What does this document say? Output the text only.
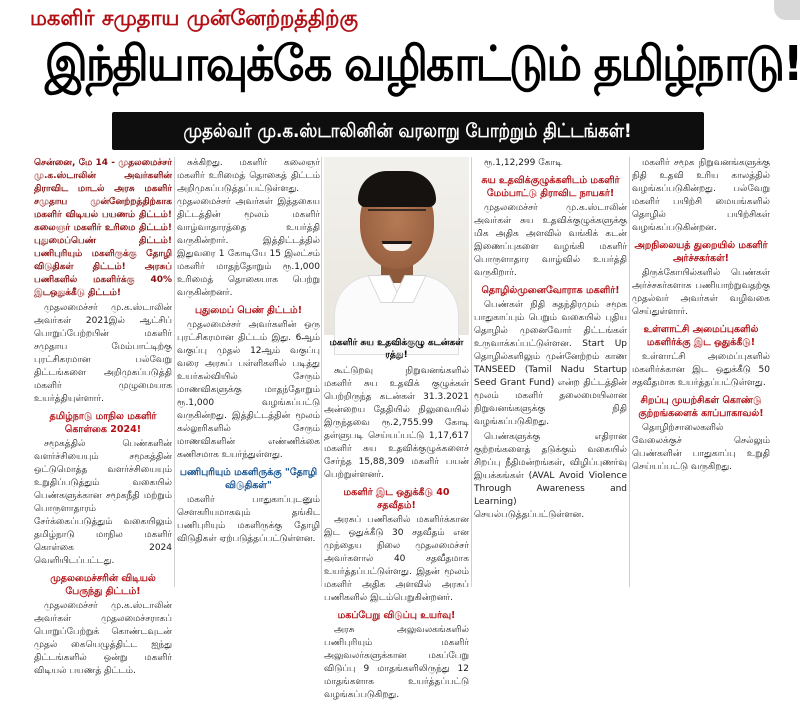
மகளிர் சமுதாய முன்னேற்றத்திற்கு
இந்தியாவுக்கே வழிகாட்டும் தமிழ்நாடு!
முதல்வர் மு.க.ஸ்டாலினின் வரலாறு போற்றும் திட்டங்கள்!

சென்னை, மே 14 - முதலமைச்சர் மு.க.ஸ்டாலின் அவர்களின் திராவிட மாடல் அரசு மகளிர் சமுதாய முன்னேற்றத்திற்காக மகளிர் விடியல் பயணம் திட்டம்! கலைஞர் மகளிர் உரிமை திட்டம்! புதுமைப்பெண் திட்டம்! பணிபுரியும் மகளிருக்கு தோழி விடுதிகள் திட்டம்! அரசுப் பணிகளில் மகளிர்க்கு 40% இடஒதுக்கீடு திட்டம்!

முதலமைச்சர் மு.க.ஸ்டாலின் அவர்கள் 2021இல் ஆட்சிப் பொறுப்பேற்றபின் மகளிர் சமுதாய மேம்பாட்டிற்கு புரட்சிகரமான பல்வேறு திட்டங்களை அறிமுகப்படுத்தி மகளிர் முழுமையாக உயர்த்தியுள்ளார்.

தமிழ்நாடு மாநில மகளிர் கொள்கை 2024!

சமூகத்தில் பெண்களின் வளர்ச்சியையும் சமூகத்தின் ஒட்டுமொத்த வளர்ச்சியையும் உறுதிப்படுத்தும் வகையில் பெண்களுக்கான சமூகநீதி மற்றும் பொருளாதாரம் சேர்க்கைப்படுத்தும் வகையிலும் தமிழ்நாடு மாநில மகளிர் கொள்கை 2024 வெளியிடப்பட்டது.

முதலமைச்சரின் விடியல் பேருந்து திட்டம்!

முதலமைச்சர் மு.க.ஸ்டாலின் அவர்கள் முதலமைச்சராகப் பொறுப்பேற்றுக் கொண்டவுடன் முதல் கையெழுத்திட்ட ஐந்து திட்டங்களில் ஒன்று மகளிர் விடியல் பயணத் திட்டம்.

சுக்கிறது. மகளிர் கலைஞர் மகளிர் உரிமைத் தொகைத் திட்டம் அறிமுகப்படுத்தப்பட்டுள்ளது. முதலமைச்சர் அவர்கள் இத்தகைய திட்டத்தின் மூலம் மகளிர் வாழ்வாதாரத்தை உயர்த்தி வருகின்றார். இத்திட்டத்தில் இதுவரை 1 கோடியே 15 இலட்சம் மகளிர் மாதந்தோறும் ரூ.1,000 உரிமைத் தொகையாக பெற்று வருகின்றனர்.

புதுமைப் பெண் திட்டம்!

முதலமைச்சர் அவர்களின் ஒரு புரட்சிகரமான திட்டம் இது. 6ஆம் வகுப்பு முதல் 12ஆம் வகுப்பு வரை அரசுப் பள்ளிகளில் படித்து உயர்கல்வியில் சேரும் மாணவிகளுக்கு மாதந்தோறும் ரூ.1,000 வழங்கப்பட்டு வருகின்றது. இத்திட்டத்தின் மூலம் கல்லூரிகளில் சேரும் மாணவிகளின் எண்ணிக்கை கணிசமாக உயர்ந்துள்ளது.

பணிபுரியும் மகளிருக்கு "தோழி விடுதிகள்"

மகளிர் பாதுகாப்புடனும் சௌகரியமாகவும் தங்கிட பணிபுரியும் மகளிருக்கு தோழி விடுதிகள் ஏற்படுத்தப்பட்டுள்ளன.

மகளிர் சுய உதவிக்குழு கடன்கள் ரத்து!

கூட்டுறவு நிறுவனங்களில் மகளிர் சுய உதவிக் குழுக்கள் பெற்றிருந்த கடன்கள் 31.3.2021 அன்றைய தேதியில் நிலுவையில் இருந்தவை ரூ.2,755.99 கோடி தள்ளுபடி செய்யப்பட்டு 1,17,617 மகளிர் சுய உதவிக்குழுக்களைச் சேர்ந்த 15,88,309 மகளிர் பயன் பெற்றுள்ளனர்.

மகளிர் இட ஒதுக்கீடு 40 சதவீதம்!

அரசுப் பணிகளில் மகளிர்க்கான இட ஒதுக்கீடு 30 சதவீதம் என முந்தைய நிலை முதலமைச்சர் அவர்களால் 40 சதவீதமாக உயர்த்தப்பட்டுள்ளது. இதன் மூலம் மகளிர் அதிக அளவில் அரசுப் பணிகளில் இடம்பெறுகின்றனர்.

மகப்பேறு விடுப்பு உயர்வு!

அரசு அலுவலகங்களில் பணிபுரியும் மகளிர் அலுவலர்களுக்கான மகப்பேறு விடுப்பு 9 மாதங்களிலிருந்து 12 மாதங்களாக உயர்த்தப்பட்டு வழங்கப்படுகிறது.

ரூ.1,12,299 கோடி

சுய உதவிக்குழுக்களிடம் மகளிர் மேம்பாட்டு திராவிட நாயகர்!

முதலமைச்சர் மு.க.ஸ்டாலின் அவர்கள் சுய உதவிக்குழுக்களுக்கு மிக அதிக அளவில் வங்கிக் கடன் இணைப்புகளை வழங்கி மகளிர் பொருளாதார வாழ்வில் உயர்த்தி வருகிறார்.

தொழில்முனைவோராக மகளிர்!

பெண்கள் நிதி சுதந்திரமும் சமூக பாதுகாப்பும் பெறும் வகையில் புதிய தொழில் முனைவோர் திட்டங்கள் உருவாக்கப்பட்டுள்ளன. Start Up தொழில்களிலும் முன்னேற்றம் காண TANSEED (Tamil Nadu Startup Seed Grant Fund) என்ற திட்டத்தின் மூலம் மகளிர் தலைமையிலான நிறுவனங்களுக்கு நிதி வழங்கப்படுகிறது.

பெண்களுக்கு எதிரான குற்றங்களைத் தடுக்கும் வகையில் சிறப்பு நீதிமன்றங்கள், விழிப்புணர்வு இயக்கங்கள் (AVAL Avoid Violence Through Awareness and Learning) செயல்படுத்தப்பட்டுள்ளன.

மகளிர் சமூக நிறுவனங்களுக்கு நிதி உதவி உரிய காலத்தில் வழங்கப்படுகின்றது. பல்வேறு மகளிர் பயிற்சி மையங்களில் தொழில் பயிற்சிகள் வழங்கப்படுகின்றன.

அறநிலையத் துறையில் மகளிர் அர்ச்சகர்கள்!

திருக்கோயில்களில் பெண்கள் அர்ச்சகர்களாக பணியாற்றுவதற்கு முதல்வர் அவர்கள் வழிவகை செய்துள்ளார்.

உள்ளாட்சி அமைப்புகளில் மகளிர்க்கு இட ஒதுக்கீடு!

உள்ளாட்சி அமைப்புகளில் மகளிர்க்கான இட ஒதுக்கீடு 50 சதவீதமாக உயர்த்தப்பட்டுள்ளது.

சிறப்பு முயற்சிகள் கொண்டு குற்றங்களைக் காப்பாகாவல்!

தொழிற்சாலைகளில் வேலைக்குச் செல்லும் பெண்களின் பாதுகாப்பு உறுதி செய்யப்பட்டு வருகிறது.
